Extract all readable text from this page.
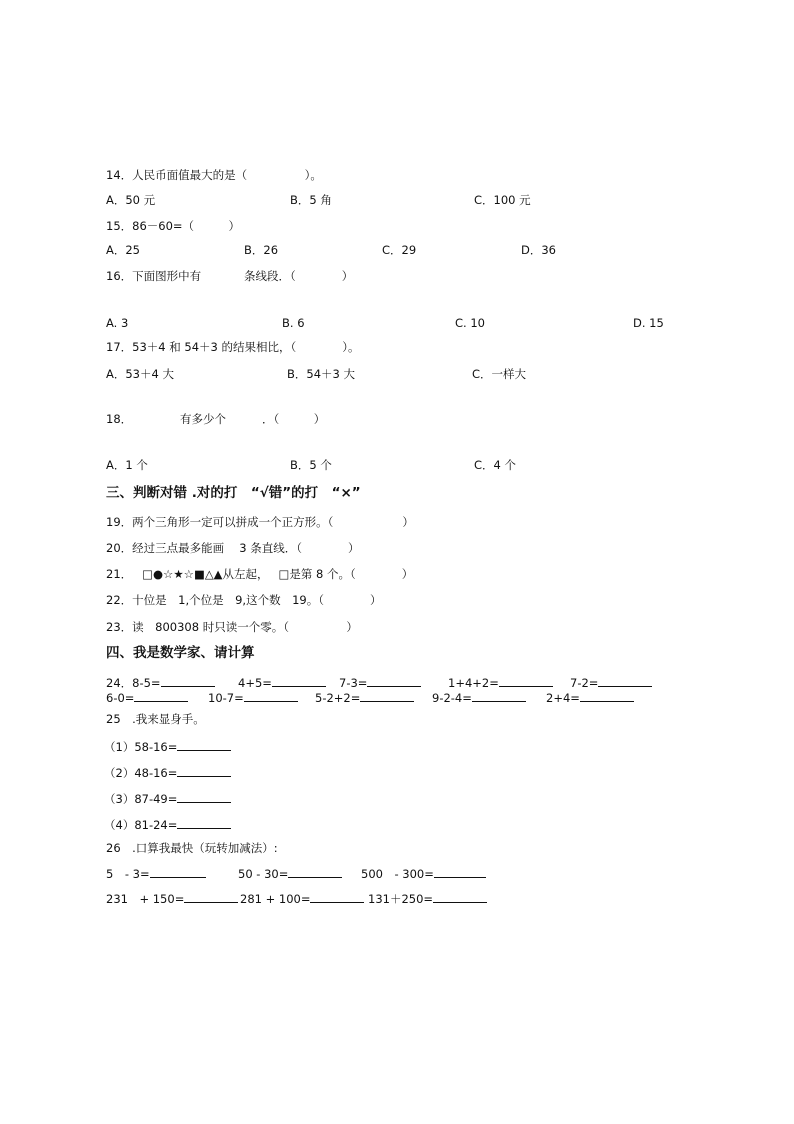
14．人民币面值最大的是（　　　　　）。
A．50 元	B．5 角	C．100 元
15．86－60=（　　　）
A．25	B．26	C．29	D．36
16．下面图形中有	条线段．（　　　　）
A. 3	B. 6	C. 10	D. 15
17．53＋4 和 54＋3 的结果相比，（　　　　）。
A．53＋4 大	B．54＋3 大	C．一样大
18．	有多少个	．（　　　）
A．1 个	B．5 个	C．4 个
三、判断对错 .对的打　“√错”的打　“×”
19．两个三角形一定可以拼成一个正方形。（　　　　　　）
20．经过三点最多能画　 3 条直线．（　　　　）
21． □●☆★☆■△▲从左起， □是第 8 个。（　　　　）
22．十位是　1,个位是　9,这个数　19。（　　　　）
23．读　800308 时只读一个零。（　　　　　）
四、我是数学家、请计算
24．8-5=	4+5=	7-3=	1+4+2=	7-2=
6-0=	10-7=	5-2+2=	9-2-4=	2+4=
25　.我来显身手。
（1）58-16=
（2）48-16=
（3）87-49=
（4）81-24=
26　.口算我最快（玩转加减法）:
5　- 3=	50 - 30=	500　- 300=
231　+ 150=	281 + 100=	131＋250=
